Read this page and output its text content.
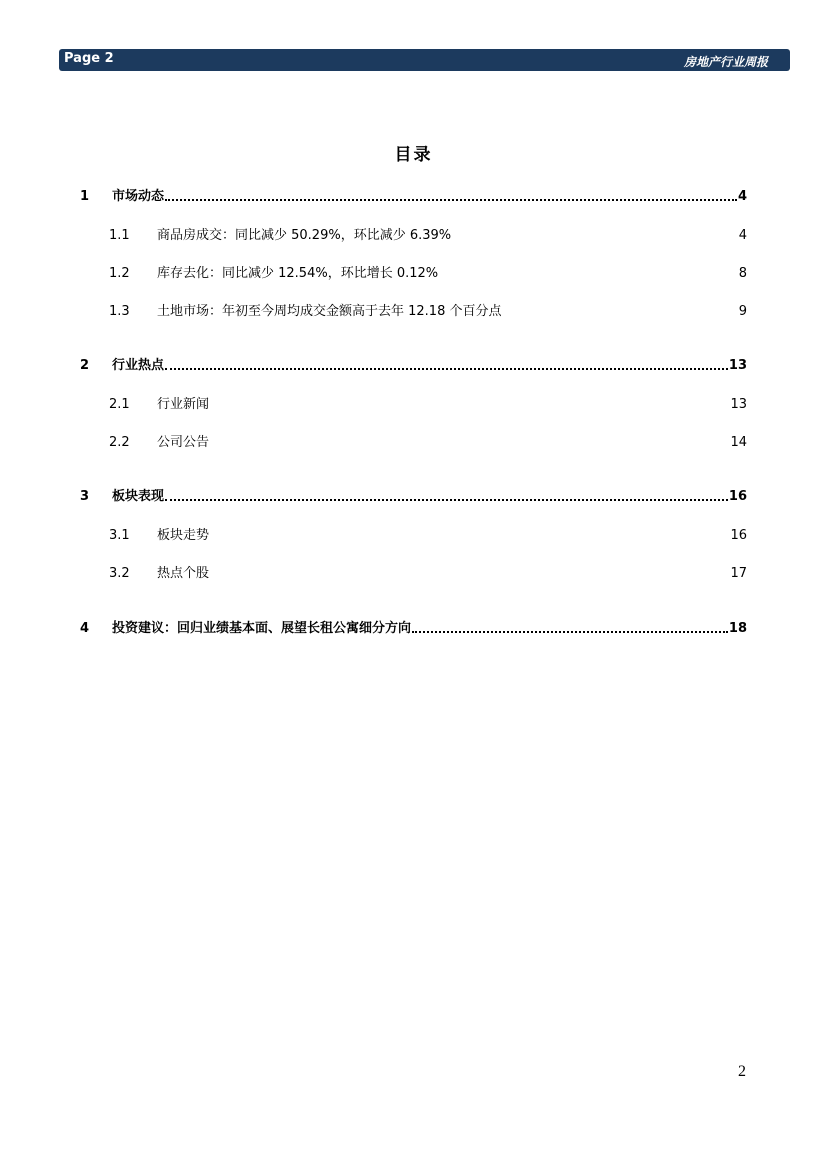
Page 2	房地产行业周报
目录
1	市场动态	4
1.1	商品房成交：同比减少 50.29%，环比减少 6.39%	4
1.2	库存去化：同比减少 12.54%，环比增长 0.12%	8
1.3	土地市场：年初至今周均成交金额高于去年 12.18 个百分点	9
2	行业热点	13
2.1	行业新闻	13
2.2	公司公告	14
3	板块表现	16
3.1	板块走势	16
3.2	热点个股	17
4	投资建议：回归业绩基本面、展望长租公寓细分方向	18
2
